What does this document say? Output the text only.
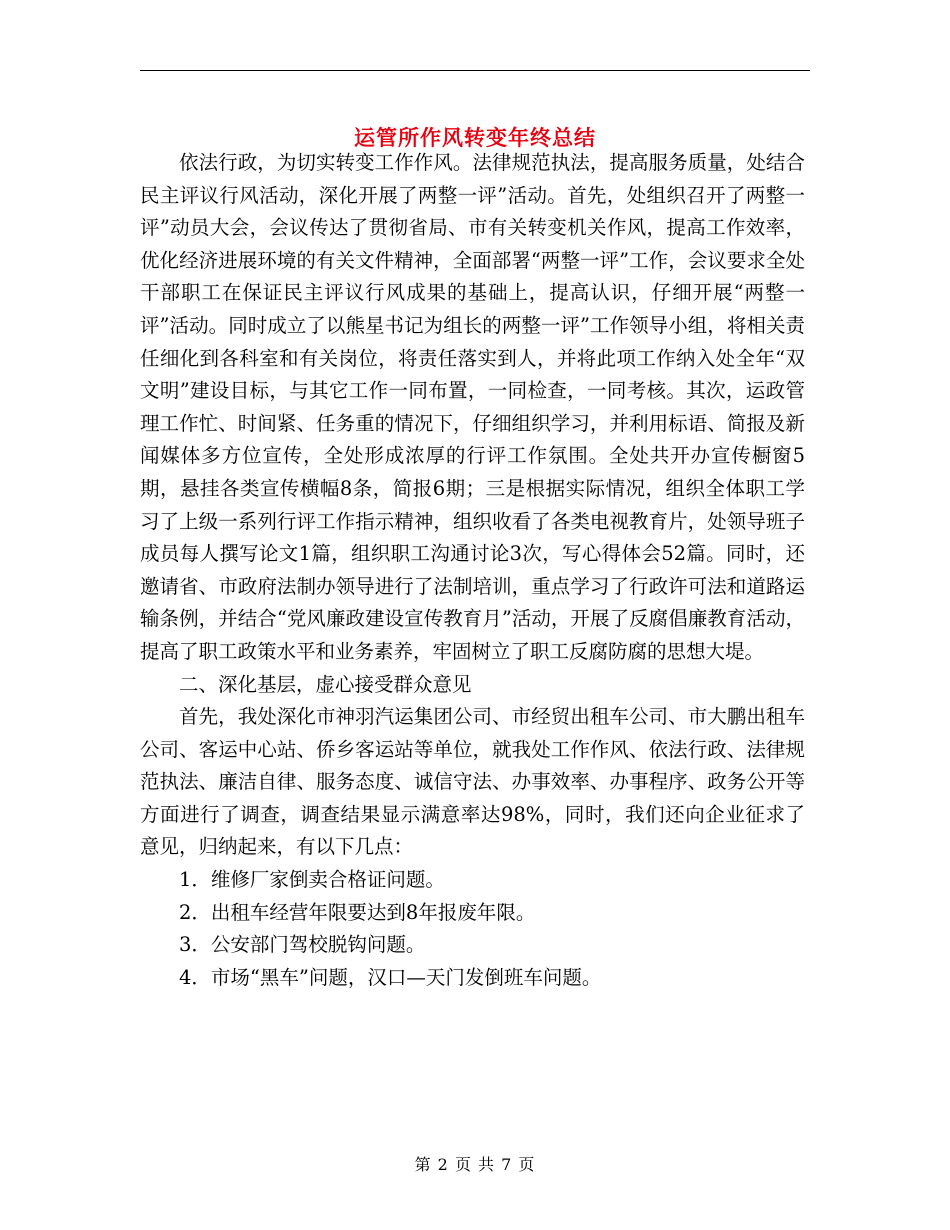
运管所作风转变年终总结

依法行政，为切实转变工作作风。法律规范执法，提高服务质量，处结合民主评议行风活动，深化开展了两整一评”活动。首先，处组织召开了两整一评”动员大会，会议传达了贯彻省局、市有关转变机关作风，提高工作效率，优化经济进展环境的有关文件精神，全面部署“两整一评”工作，会议要求全处干部职工在保证民主评议行风成果的基础上，提高认识，仔细开展“两整一评”活动。同时成立了以熊星书记为组长的两整一评”工作领导小组，将相关责任细化到各科室和有关岗位，将责任落实到人，并将此项工作纳入处全年“双文明”建设目标，与其它工作一同布置，一同检查，一同考核。其次，运政管理工作忙、时间紧、任务重的情况下，仔细组织学习，并利用标语、简报及新闻媒体多方位宣传，全处形成浓厚的行评工作氛围。全处共开办宣传橱窗5期，悬挂各类宣传横幅8条，简报6期；三是根据实际情况，组织全体职工学习了上级一系列行评工作指示精神，组织收看了各类电视教育片，处领导班子成员每人撰写论文1篇，组织职工沟通讨论3次，写心得体会52篇。同时，还邀请省、市政府法制办领导进行了法制培训，重点学习了行政许可法和道路运输条例，并结合“党风廉政建设宣传教育月”活动，开展了反腐倡廉教育活动，提高了职工政策水平和业务素养，牢固树立了职工反腐防腐的思想大堤。

二、深化基层，虚心接受群众意见

首先，我处深化市神羽汽运集团公司、市经贸出租车公司、市大鹏出租车公司、客运中心站、侨乡客运站等单位，就我处工作作风、依法行政、法律规范执法、廉洁自律、服务态度、诚信守法、办事效率、办事程序、政务公开等方面进行了调查，调查结果显示满意率达98%，同时，我们还向企业征求了意见，归纳起来，有以下几点：

1．维修厂家倒卖合格证问题。

2．出租车经营年限要达到8年报废年限。

3．公安部门驾校脱钩问题。

4．市场“黑车”问题，汉口—天门发倒班车问题。

第 2 页 共 7 页
